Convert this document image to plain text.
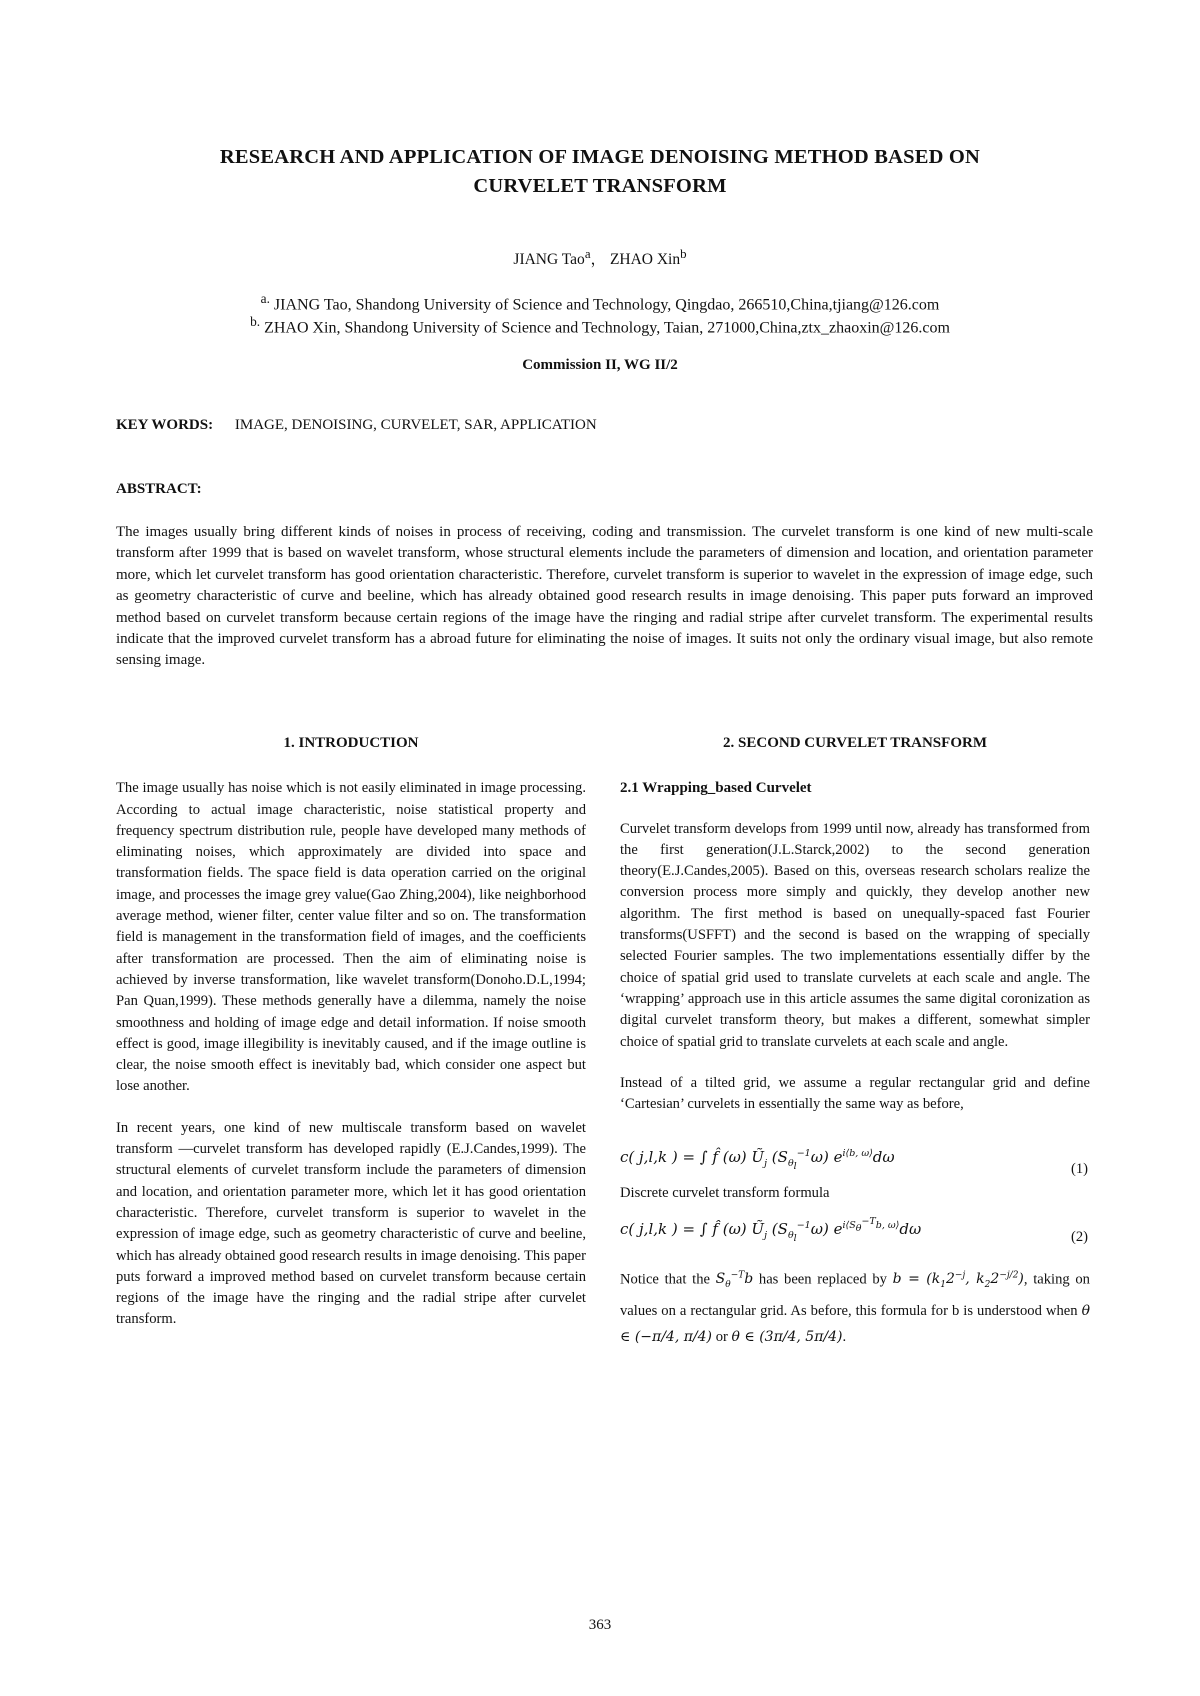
RESEARCH AND APPLICATION OF IMAGE DENOISING METHOD BASED ON
CURVELET TRANSFORM
JIANG Tao$^a$， ZHAO Xin$^b$
$^{a.}$ JIANG Tao, Shandong University of Science and Technology, Qingdao, 266510,China,tjiang@126.com
$^{b.}$ ZHAO Xin, Shandong University of Science and Technology, Taian, 271000,China,ztx_zhaoxin@126.com
Commission II, WG II/2
KEY WORDS: IMAGE, DENOISING, CURVELET, SAR, APPLICATION
ABSTRACT:
The images usually bring different kinds of noises in process of receiving, coding and transmission. The curvelet transform is one kind of new multi-scale transform after 1999 that is based on wavelet transform, whose structural elements include the parameters of dimension and location, and orientation parameter more, which let curvelet transform has good orientation characteristic. Therefore, curvelet transform is superior to wavelet in the expression of image edge, such as geometry characteristic of curve and beeline, which has already obtained good research results in image denoising. This paper puts forward an improved method based on curvelet transform because certain regions of the image have the ringing and radial stripe after curvelet transform. The experimental results indicate that the improved curvelet transform has a abroad future for eliminating the noise of images. It suits not only the ordinary visual image, but also remote sensing image.
1. INTRODUCTION

The image usually has noise which is not easily eliminated in image processing. According to actual image characteristic, noise statistical property and frequency spectrum distribution rule, people have developed many methods of eliminating noises, which approximately are divided into space and transformation fields. The space field is data operation carried on the original image, and processes the image grey value(Gao Zhing,2004), like neighborhood average method, wiener filter, center value filter and so on. The transformation field is management in the transformation field of images, and the coefficients after transformation are processed. Then the aim of eliminating noise is achieved by inverse transformation, like wavelet transform(Donoho.D.L,1994; Pan Quan,1999). These methods generally have a dilemma, namely the noise smoothness and holding of image edge and detail information. If noise smooth effect is good, image illegibility is inevitably caused, and if the image outline is clear, the noise smooth effect is inevitably bad, which consider one aspect but lose another.

In recent years, one kind of new multiscale transform based on wavelet transform —curvelet transform has developed rapidly (E.J.Candes,1999). The structural elements of curvelet transform include the parameters of dimension and location, and orientation parameter more, which let it has good orientation characteristic. Therefore, curvelet transform is superior to wavelet in the expression of image edge, such as geometry characteristic of curve and beeline, which has already obtained good research results in image denoising. This paper puts forward a improved method based on curvelet transform because certain regions of the image have the ringing and the radial stripe after curvelet transform.

2. SECOND CURVELET TRANSFORM
2.1 Wrapping_based Curvelet

Curvelet transform develops from 1999 until now, already has transformed from the first generation(J.L.Starck,2002) to the second generation theory(E.J.Candes,2005). Based on this, overseas research scholars realize the conversion process more simply and quickly, they develop another new algorithm. The first method is based on unequally-spaced fast Fourier transforms(USFFT) and the second is based on the wrapping of specially selected Fourier samples. The two implementations essentially differ by the choice of spatial grid used to translate curvelets at each scale and angle. The ‘wrapping’ approach use in this article assumes the same digital coronization as digital curvelet transform theory, but makes a different, somewhat simpler choice of spatial grid to translate curvelets at each scale and angle.

Instead of a tilted grid, we assume a regular rectangular grid and define ‘Cartesian’ curvelets in essentially the same way as before,

c( j,l,k ) = ∫ f̂ (ω) $Ũ_j$ $(S_{\theta_l}^{-1}\omega)$ $e^{i⟨b, \omega⟩}d\omega$
(1)
Discrete curvelet transform formula
c( j,l,k ) = ∫ f̂ (ω) $Ũ_j$ $(S_{\theta_l}^{-1}\omega)$ $e^{i⟨S_\theta^{-T}b, \omega⟩}d\omega$	(2)
Notice that the $S_\theta^{-T}b$ has been replaced by $b = (k_12^{-j}$, $k_22^{-j/2}$), taking on values on a rectangular grid. As before, this formula for b is understood when θ ∈ (−π/4, π/4) or θ ∈ (3π/4, 5π/4).
363
